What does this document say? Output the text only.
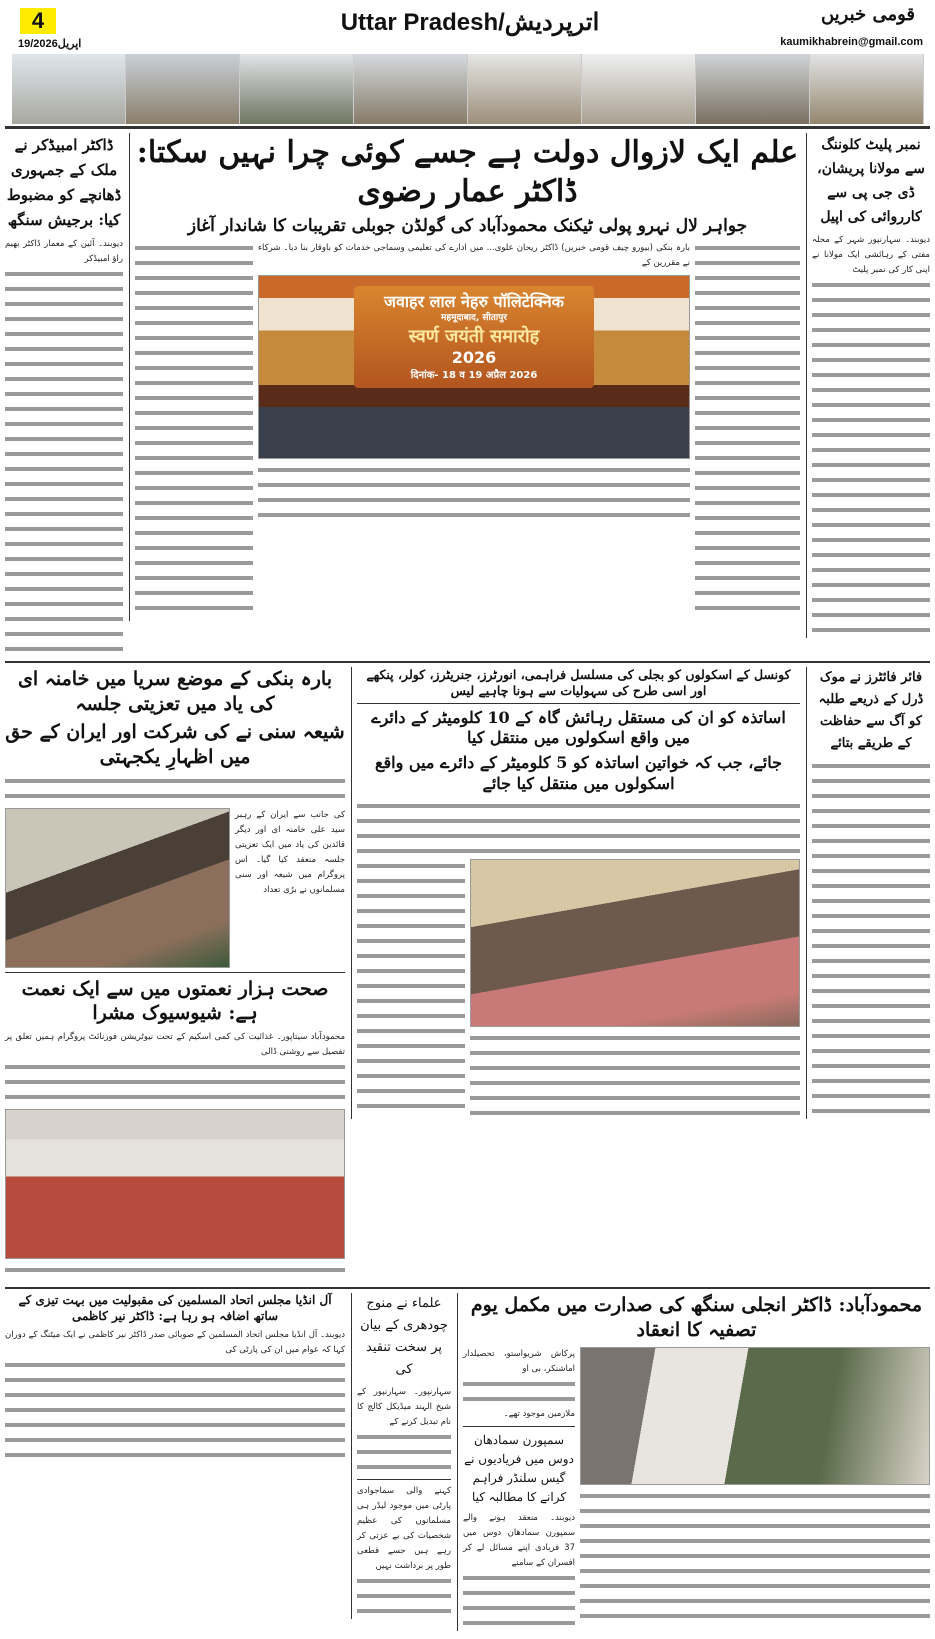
4
19/اپریل2026
Uttar Pradesh/اترپردیش	قومی خبریں
kaumikhabrein@gmail.com
ڈاکٹر امبیڈکر نے ملک کے جمہوری ڈھانچے کو مضبوط کیا: برجیش سنگھ
دیوبند۔ آئین کے معمار ڈاکٹر بھیم راؤ امبیڈکر
علم ایک لازوال دولت ہے جسے کوئی چرا نہیں سکتا: ڈاکٹر عمار رضوی
جواہر لال نہرو پولی ٹیکنک محمودآباد کی گولڈن جوبلی تقریبات کا شاندار آغاز
بارہ بنکی (بیورو چیف قومی خبریں) ڈاکٹر ریحان علوی... میں ادارے کی تعلیمی وسماجی خدمات کو باوقار بنا دیا۔ شرکاء نے مقررین کے
जवाहर लाल नेहरु पॉलिटेक्निक
महमूदाबाद, सीतापुर
स्वर्ण जयंती समारोह
2026
दिनांक- 18 व 19 अप्रैल 2026
نمبر پلیٹ کلوننگ سے مولانا پریشان، ڈی جی پی سے کارروائی کی اپیل
دیوبند۔ سہارنپور شہر کے محلہ مفتی کے رہائشی ایک مولانا نے اپنی کار کی نمبر پلیٹ
بارہ بنکی کے موضع سریا میں خامنہ ای کی یاد میں تعزیتی جلسہ
شیعہ سنی نے کی شرکت اور ایران کے حق میں اظہارِ یکجہتی
کی جانب سے ایران کے رہبر سید علی خامنہ ای اور دیگر قائدین کی یاد میں ایک تعزیتی جلسہ منعقد کیا گیا۔ اس پروگرام میں شیعہ اور سنی مسلمانوں نے بڑی تعداد
صحت ہزار نعمتوں میں سے ایک نعمت ہے: شیوسیوک مشرا
محمودآباد سیتاپور۔ غذائیت کی کمی اسکیم کے تحت نیوٹریشن فورنائٹ پروگرام ہمیں تعلق پر تفصیل سے روشنی ڈالی
کونسل کے اسکولوں کو بجلی کی مسلسل فراہمی، انورٹرز، جنریٹرز، کولر، پنکھے اور اسی طرح کی سہولیات سے ہونا چاہیے لیس
اساتذہ کو ان کی مستقل رہائش گاہ کے 10 کلومیٹر کے دائرے میں واقع اسکولوں میں منتقل کیا
جائے، جب کہ خواتین اساتذہ کو 5 کلومیٹر کے دائرے میں واقع اسکولوں میں منتقل کیا جائے
فائر فائٹرز نے موک ڈرل کے ذریعے طلبہ کو آگ سے حفاظت کے طریقے بتائے
آل انڈیا مجلس اتحاد المسلمین کی مقبولیت میں بہت تیزی کے ساتھ اضافہ ہو رہا ہے: ڈاکٹر نیر کاظمی
دیوبند۔ آل انڈیا مجلس اتحاد المسلمین کے صوبائی صدر ڈاکٹر نیر کاظمی نے ایک میٹنگ کے دوران کہا کہ عوام میں ان کی پارٹی کی
علماء نے منوج چودھری کے بیان پر سخت تنقید کی
سہارنپور۔ سہارنپور کے شیخ الہند میڈیکل کالج کا نام تبدیل کرنے کے
کہنے والی سماجوادی پارٹی میں موجود لیڈر ہی مسلمانوں کی عظیم شخصیات کی بے عزتی کر رہے ہیں جسے قطعی طور پر برداشت نہیں
محمودآباد: ڈاکٹر انجلی سنگھ کی صدارت میں مکمل یوم تصفیہ کا انعقاد
پرکاش شریواستو، تحصیلدار اماشنکر، بی او
ملازمین موجود تھے۔
سمپورن سمادھان دوس میں فریادیوں نے گیس سلنڈر فراہم کرانے کا مطالبہ کیا
دیوبند۔ منعقد ہونے والے سمپورن سمادھان دوس میں 37 فریادی اپنے مسائل لے کر افسران کے سامنے
